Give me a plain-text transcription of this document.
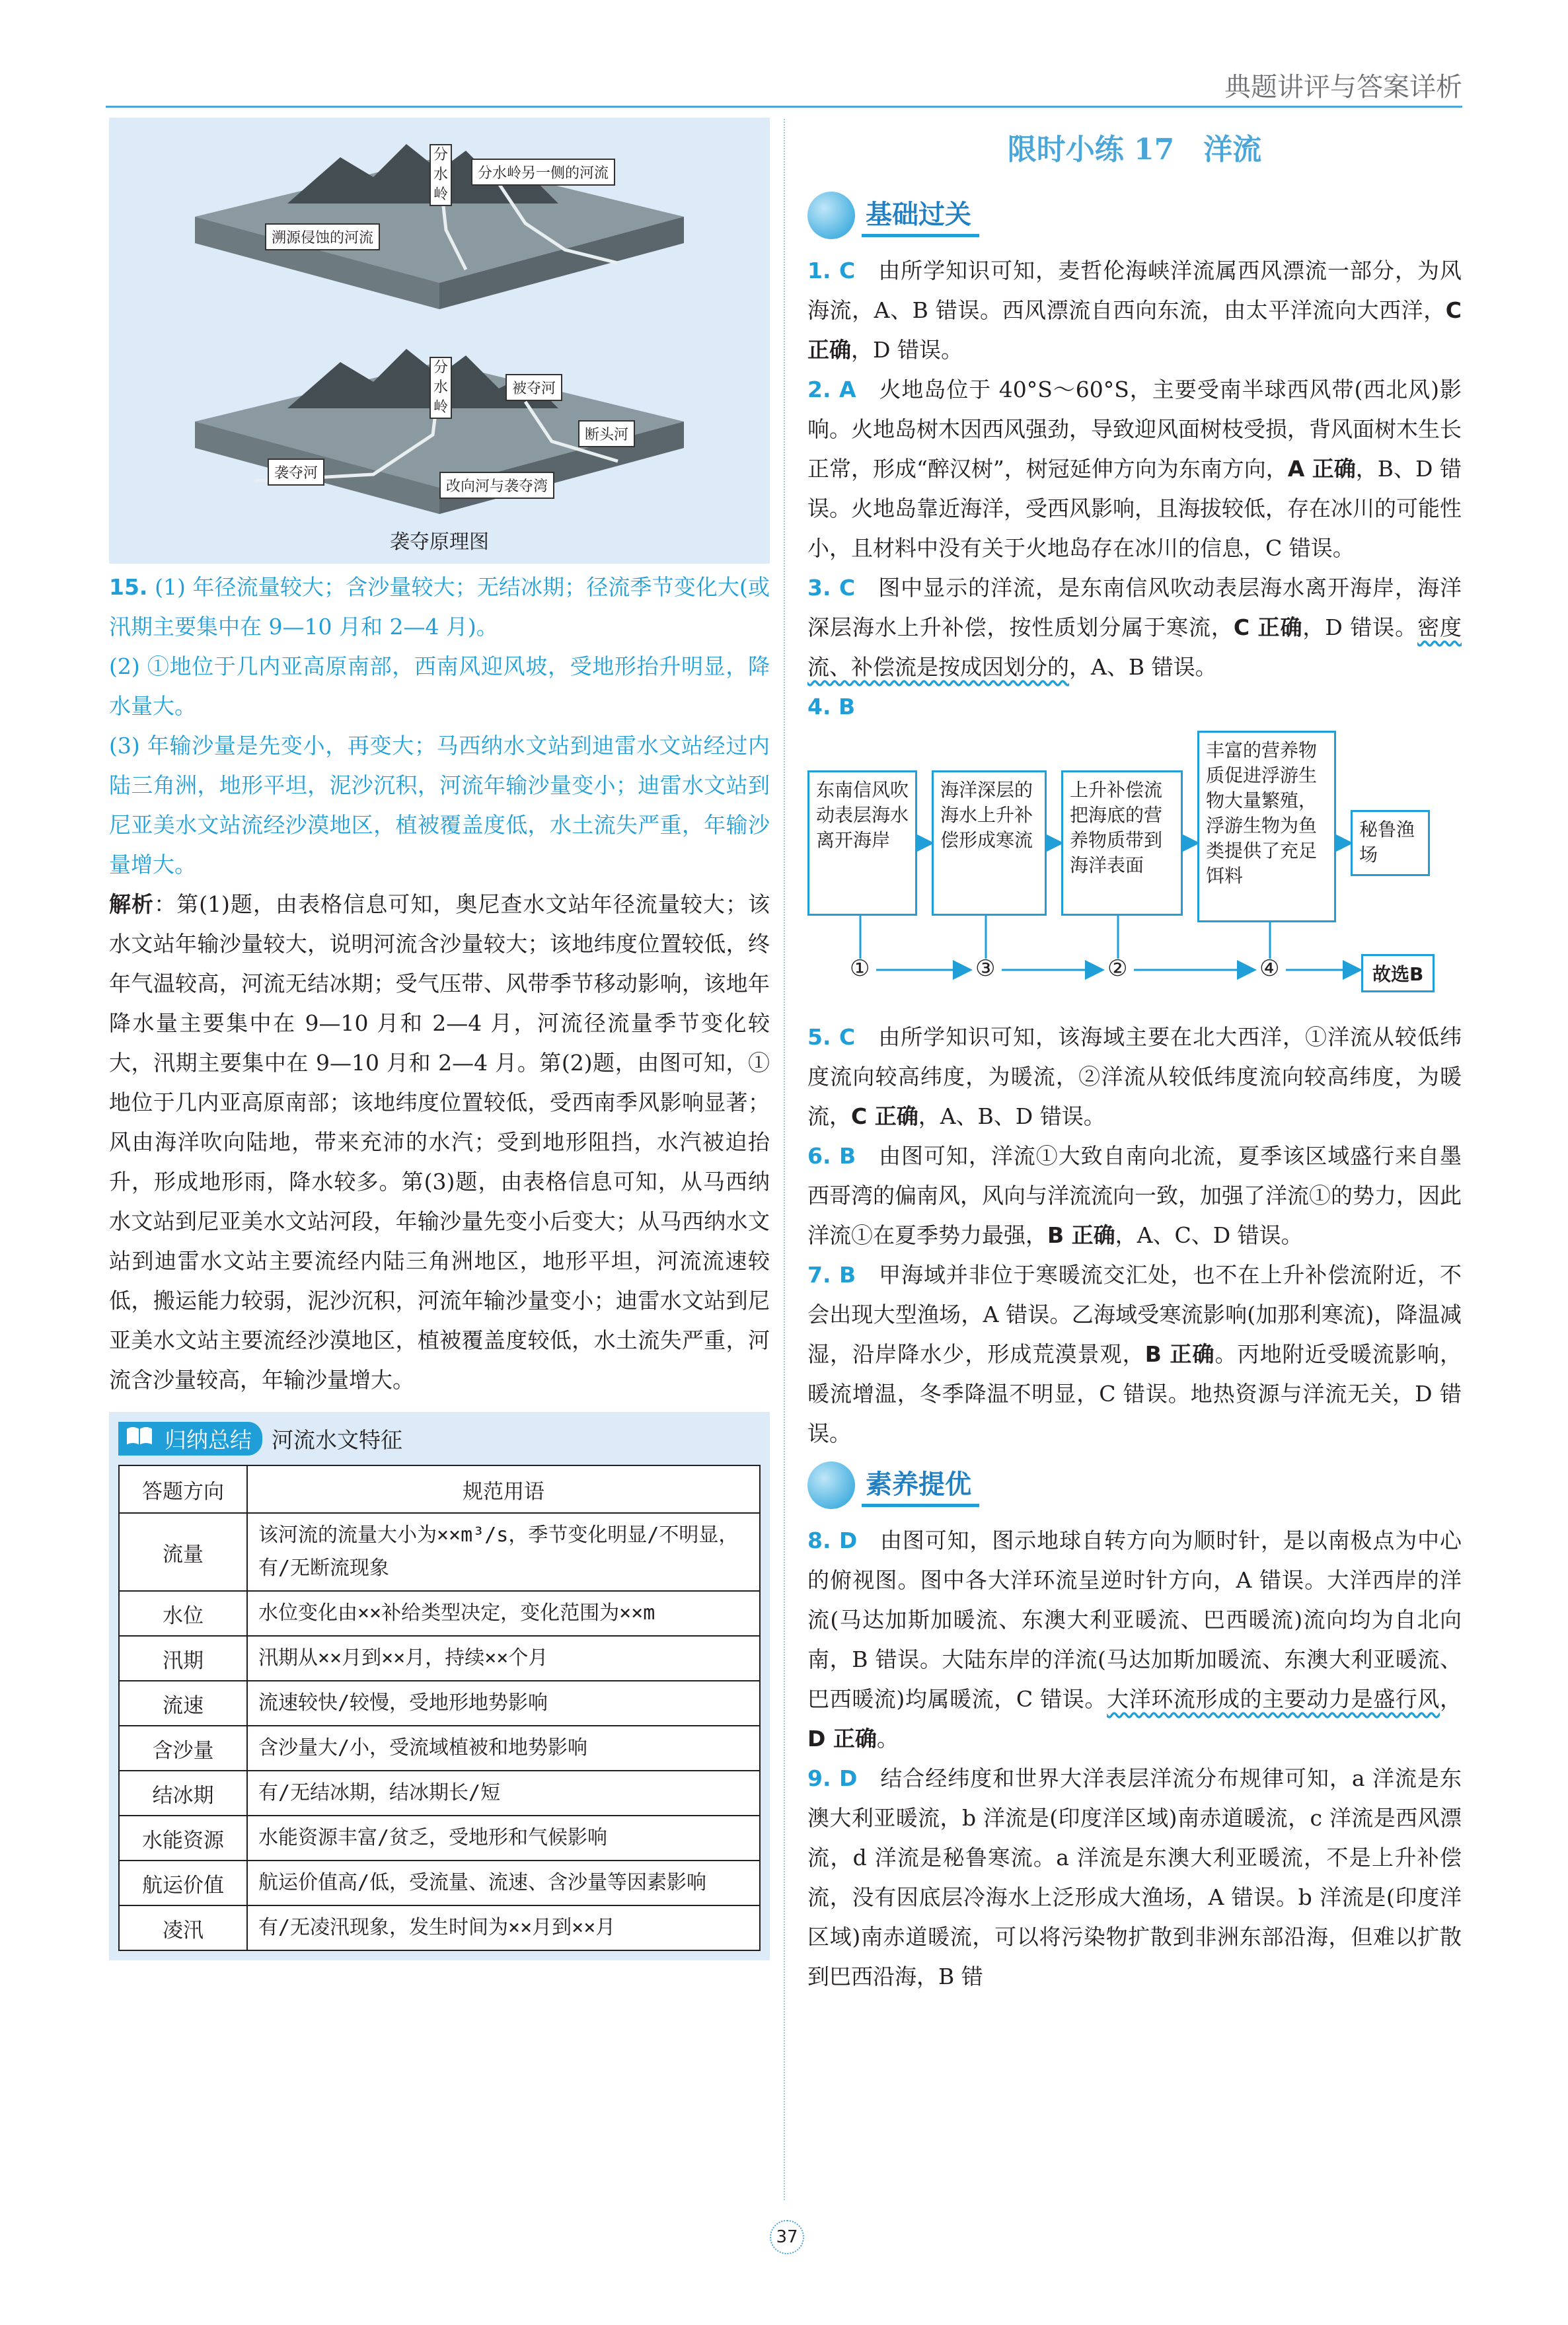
典题讲评与答案详析
分
水
岭
分水岭另一侧的河流
溯源侵蚀的河流
分
水
岭
被夺河
断头河
袭夺河
改向河与袭夺湾
袭夺原理图

15. (1) 年径流量较大；含沙量较大；无结冰期；径流季节变化大(或汛期主要集中在 9—10 月和 2—4 月)。

(2) ①地位于几内亚高原南部，西南风迎风坡，受地形抬升明显，降水量大。

(3) 年输沙量是先变小，再变大；马西纳水文站到迪雷水文站经过内陆三角洲，地形平坦，泥沙沉积，河流年输沙量变小；迪雷水文站到尼亚美水文站流经沙漠地区，植被覆盖度低，水土流失严重，年输沙量增大。

解析：第(1)题，由表格信息可知，奥尼查水文站年径流量较大；该水文站年输沙量较大，说明河流含沙量较大；该地纬度位置较低，终年气温较高，河流无结冰期；受气压带、风带季节移动影响，该地年降水量主要集中在 9—10 月和 2—4 月，河流径流量季节变化较大，汛期主要集中在 9—10 月和 2—4 月。第(2)题，由图可知，①地位于几内亚高原南部；该地纬度位置较低，受西南季风影响显著；风由海洋吹向陆地，带来充沛的水汽；受到地形阻挡，水汽被迫抬升，形成地形雨，降水较多。第(3)题，由表格信息可知，从马西纳水文站到尼亚美水文站河段，年输沙量先变小后变大；从马西纳水文站到迪雷水文站主要流经内陆三角洲地区，地形平坦，河流流速较低，搬运能力较弱，泥沙沉积，河流年输沙量变小；迪雷水文站到尼亚美水文站主要流经沙漠地区，植被覆盖度较低，水土流失严重，河流含沙量较高，年输沙量增大。

归纳总结 河流水文特征
答题方向	规范用语
流量	该河流的流量大小为××m³/s，季节变化明显/不明显，有/无断流现象
水位	水位变化由××补给类型决定，变化范围为××m
汛期	汛期从××月到××月，持续××个月
流速	流速较快/较慢，受地形地势影响
含沙量	含沙量大/小，受流域植被和地势影响
结冰期	有/无结冰期，结冰期长/短
水能资源	水能资源丰富/贫乏，受地形和气候影响
航运价值	航运价值高/低，受流量、流速、含沙量等因素影响
凌汛	有/无凌汛现象，发生时间为××月到××月
限时小练 17　洋流
基础过关

1. C　 由所学知识可知，麦哲伦海峡洋流属西风漂流一部分，为风海流，A、B 错误。西风漂流自西向东流，由太平洋流向大西洋，C 正确，D 错误。

2. A　 火地岛位于 40°S～60°S，主要受南半球西风带(西北风)影响。火地岛树木因西风强劲，导致迎风面树枝受损，背风面树木生长正常，形成“醉汉树”，树冠延伸方向为东南方向，A 正确，B、D 错误。火地岛靠近海洋，受西风影响，且海拔较低，存在冰川的可能性小，且材料中没有关于火地岛存在冰川的信息，C 错误。

3. C　 图中显示的洋流，是东南信风吹动表层海水离开海岸，海洋深层海水上升补偿，按性质划分属于寒流，C 正确，D 错误。密度流、补偿流是按成因划分的，A、B 错误。

4. B

东南信风吹动表层海水离开海岸
海洋深层的海水上升补偿形成寒流
上升补偿流把海底的营养物质带到海洋表面
丰富的营养物质促进浮游生物大量繁殖，浮游生物为鱼类提供了充足饵料
秘鲁渔场
①	③	②	④	故选B

5. C　 由所学知识可知，该海域主要在北大西洋，①洋流从较低纬度流向较高纬度，为暖流，②洋流从较低纬度流向较高纬度，为暖流，C 正确，A、B、D 错误。

6. B　 由图可知，洋流①大致自南向北流，夏季该区域盛行来自墨西哥湾的偏南风，风向与洋流流向一致，加强了洋流①的势力，因此洋流①在夏季势力最强，B 正确，A、C、D 错误。

7. B　 甲海域并非位于寒暖流交汇处，也不在上升补偿流附近，不会出现大型渔场，A 错误。乙海域受寒流影响(加那利寒流)，降温减湿，沿岸降水少，形成荒漠景观，B 正确。丙地附近受暖流影响，暖流增温，冬季降温不明显，C 错误。地热资源与洋流无关，D 错误。

素养提优

8. D　 由图可知，图示地球自转方向为顺时针，是以南极点为中心的俯视图。图中各大洋环流呈逆时针方向，A 错误。大洋西岸的洋流(马达加斯加暖流、东澳大利亚暖流、巴西暖流)流向均为自北向南，B 错误。大陆东岸的洋流(马达加斯加暖流、东澳大利亚暖流、巴西暖流)均属暖流，C 错误。大洋环流形成的主要动力是盛行风，D 正确。

9. D　 结合经纬度和世界大洋表层洋流分布规律可知，a 洋流是东澳大利亚暖流，b 洋流是(印度洋区域)南赤道暖流，c 洋流是西风漂流，d 洋流是秘鲁寒流。a 洋流是东澳大利亚暖流，不是上升补偿流，没有因底层冷海水上泛形成大渔场，A 错误。b 洋流是(印度洋区域)南赤道暖流，可以将污染物扩散到非洲东部沿海，但难以扩散到巴西沿海，B 错

37
